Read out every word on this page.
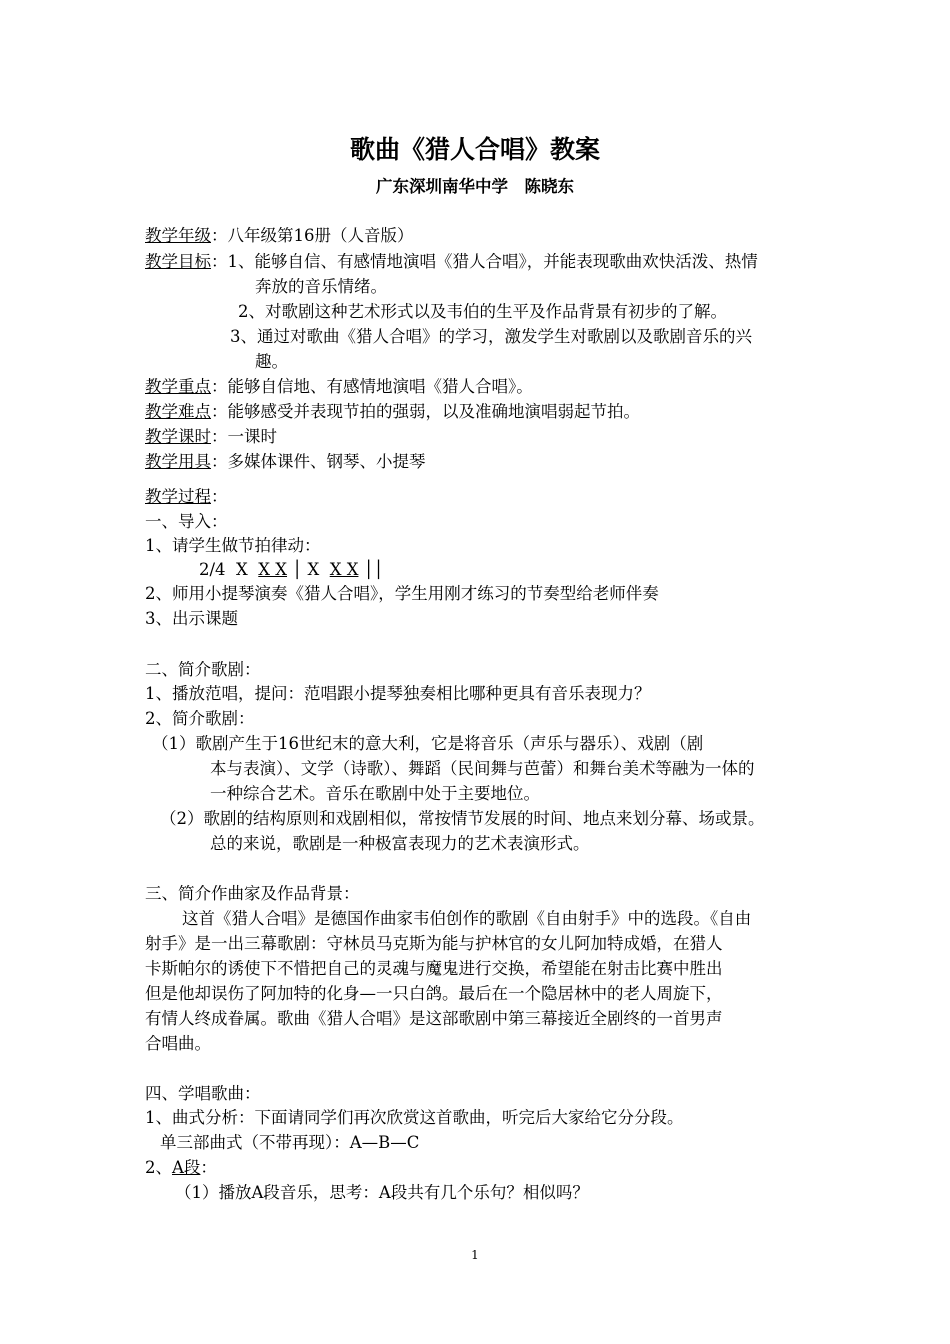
歌曲《猎人合唱》教案
广东深圳南华中学　陈晓东
教学年级：八年级第16册（人音版）
教学目标：1、能够自信、有感情地演唱《猎人合唱》，并能表现歌曲欢快活泼、热情
奔放的音乐情绪。
2、对歌剧这种艺术形式以及韦伯的生平及作品背景有初步的了解。
3、通过对歌曲《猎人合唱》的学习，激发学生对歌剧以及歌剧音乐的兴
趣。
教学重点：能够自信地、有感情地演唱《猎人合唱》。
教学难点：能够感受并表现节拍的强弱，以及准确地演唱弱起节拍。
教学课时：一课时
教学用具：多媒体课件、钢琴、小提琴
教学过程：
一、导入：
1、请学生做节拍律动：
2/4  X  X X │ X  X X ││
2、师用小提琴演奏《猎人合唱》，学生用刚才练习的节奏型给老师伴奏
3、出示课题
二、简介歌剧：
1、播放范唱，提问：范唱跟小提琴独奏相比哪种更具有音乐表现力？
2、简介歌剧：
（1）歌剧产生于16世纪末的意大利，它是将音乐（声乐与器乐）、戏剧（剧
本与表演）、文学（诗歌）、舞蹈（民间舞与芭蕾）和舞台美术等融为一体的
一种综合艺术。音乐在歌剧中处于主要地位。
（2）歌剧的结构原则和戏剧相似，常按情节发展的时间、地点来划分幕、场或景。
总的来说，歌剧是一种极富表现力的艺术表演形式。
三、简介作曲家及作品背景：
这首《猎人合唱》是德国作曲家韦伯创作的歌剧《自由射手》中的选段。《自由
射手》是一出三幕歌剧：守林员马克斯为能与护林官的女儿阿加特成婚，在猎人
卡斯帕尔的诱使下不惜把自己的灵魂与魔鬼进行交换，希望能在射击比赛中胜出
但是他却误伤了阿加特的化身—一只白鸽。最后在一个隐居林中的老人周旋下，
有情人终成眷属。歌曲《猎人合唱》是这部歌剧中第三幕接近全剧终的一首男声
合唱曲。
四、学唱歌曲：
1、曲式分析：下面请同学们再次欣赏这首歌曲，听完后大家给它分分段。
单三部曲式（不带再现）：A—B—C
2、A段：
（1）播放A段音乐，思考：A段共有几个乐句？相似吗？
1
